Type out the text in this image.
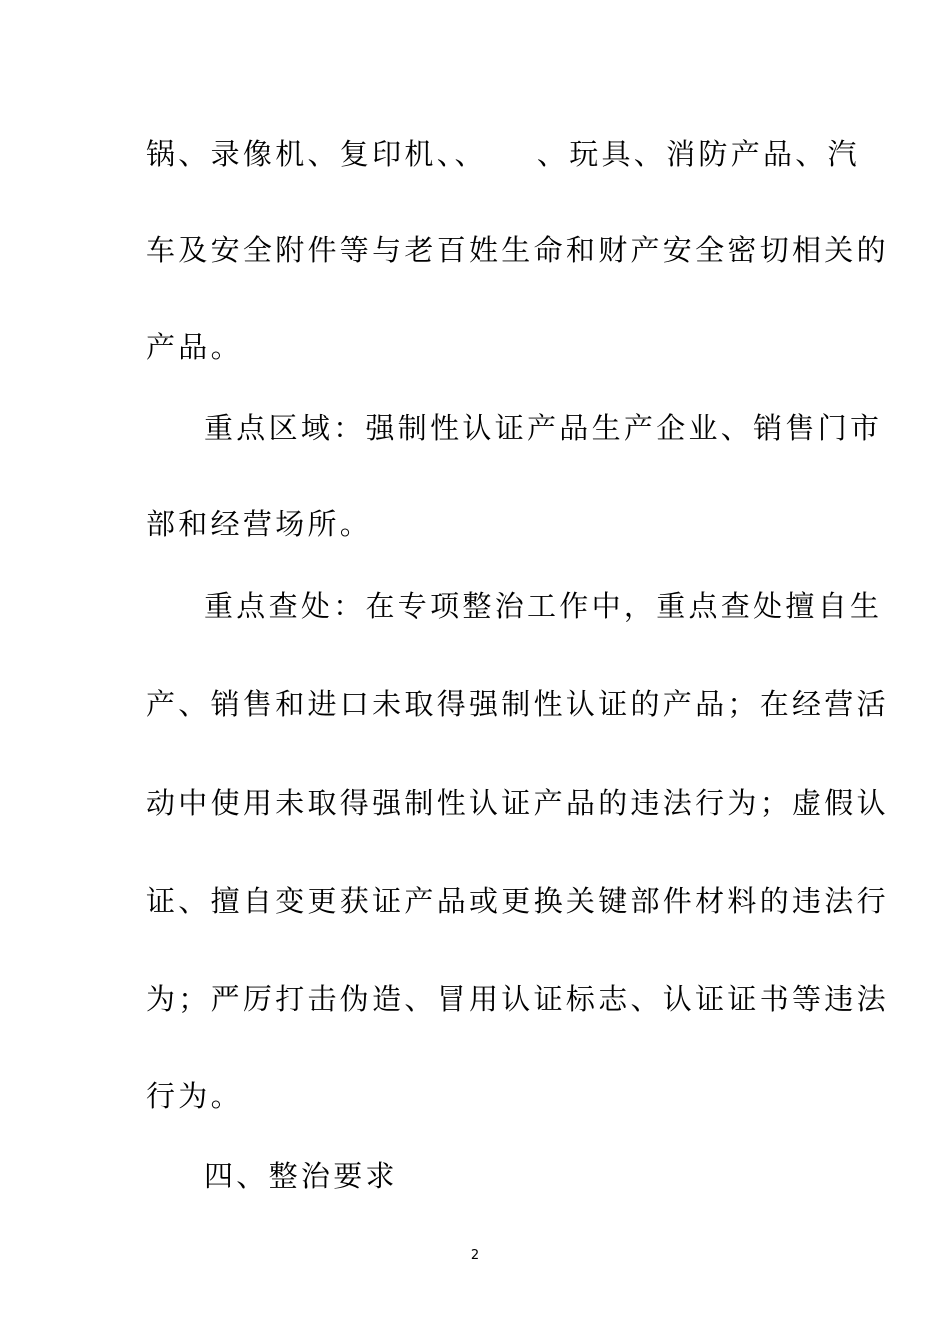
锅、录像机、复印机、、　　、玩具、消防产品、汽
车及安全附件等与老百姓生命和财产安全密切相关的
产品。
重点区域：强制性认证产品生产企业、销售门市
部和经营场所。
重点查处：在专项整治工作中，重点查处擅自生
产、销售和进口未取得强制性认证的产品；在经营活
动中使用未取得强制性认证产品的违法行为；虚假认
证、擅自变更获证产品或更换关键部件材料的违法行
为；严厉打击伪造、冒用认证标志、认证证书等违法
行为。
四、整治要求
2
